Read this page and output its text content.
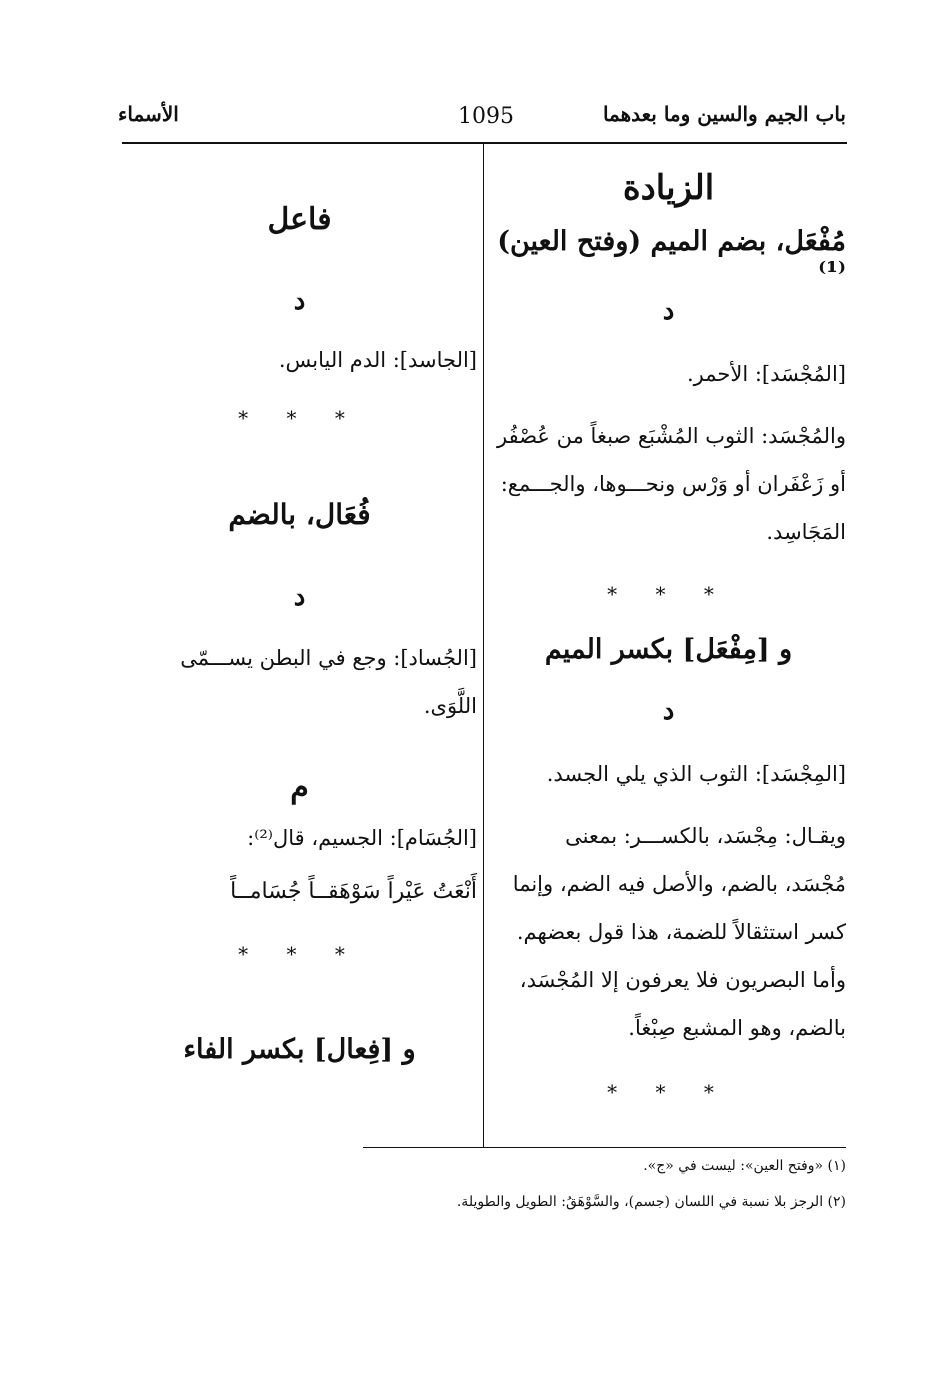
باب الجيم والسين وما بعدهما
1095
الأسماء
الزيادة
مُفْعَل، بضم الميم (وفتح العين)⁽¹⁾
د
[المُجْسَد]: الأحمر.
والمُجْسَد: الثوب المُشْبَع صبغاً من عُصْفُر
أو زَعْفَران أو وَرْس ونحـــوها، والجـــمع:
المَجَاسِد.
* * *
و [مِفْعَل] بكسر الميم
د
[المِجْسَد]: الثوب الذي يلي الجسد.
ويقـال: مِجْسَد، بالكســـر: بمعنى
مُجْسَد، بالضم، والأصل فيه الضم، وإنما
كسر استثقالاً للضمة، هذا قول بعضهم.
وأما البصريون فلا يعرفون إلا المُجْسَد،
بالضم، وهو المشبع صِبْغاً.
* * *
فاعل
د
[الجاسد]: الدم اليابس.
* * *
فُعَال، بالضم
د
[الجُساد]: وجع في البطن يســـمّى
اللَّوَى.
م
[الجُسَام]: الجسيم، قال⁽²⁾:
أَنْعَتُ عَيْراً سَوْهَقــاً جُسَامــاً
* * *
و [فِعال] بكسر الفاء
(١) «وفتح العين»: ليست في «ج».
(٢) الرجز بلا نسبة في اللسان (جسم)، والسَّوْهَقُ: الطويل والطويلة.
